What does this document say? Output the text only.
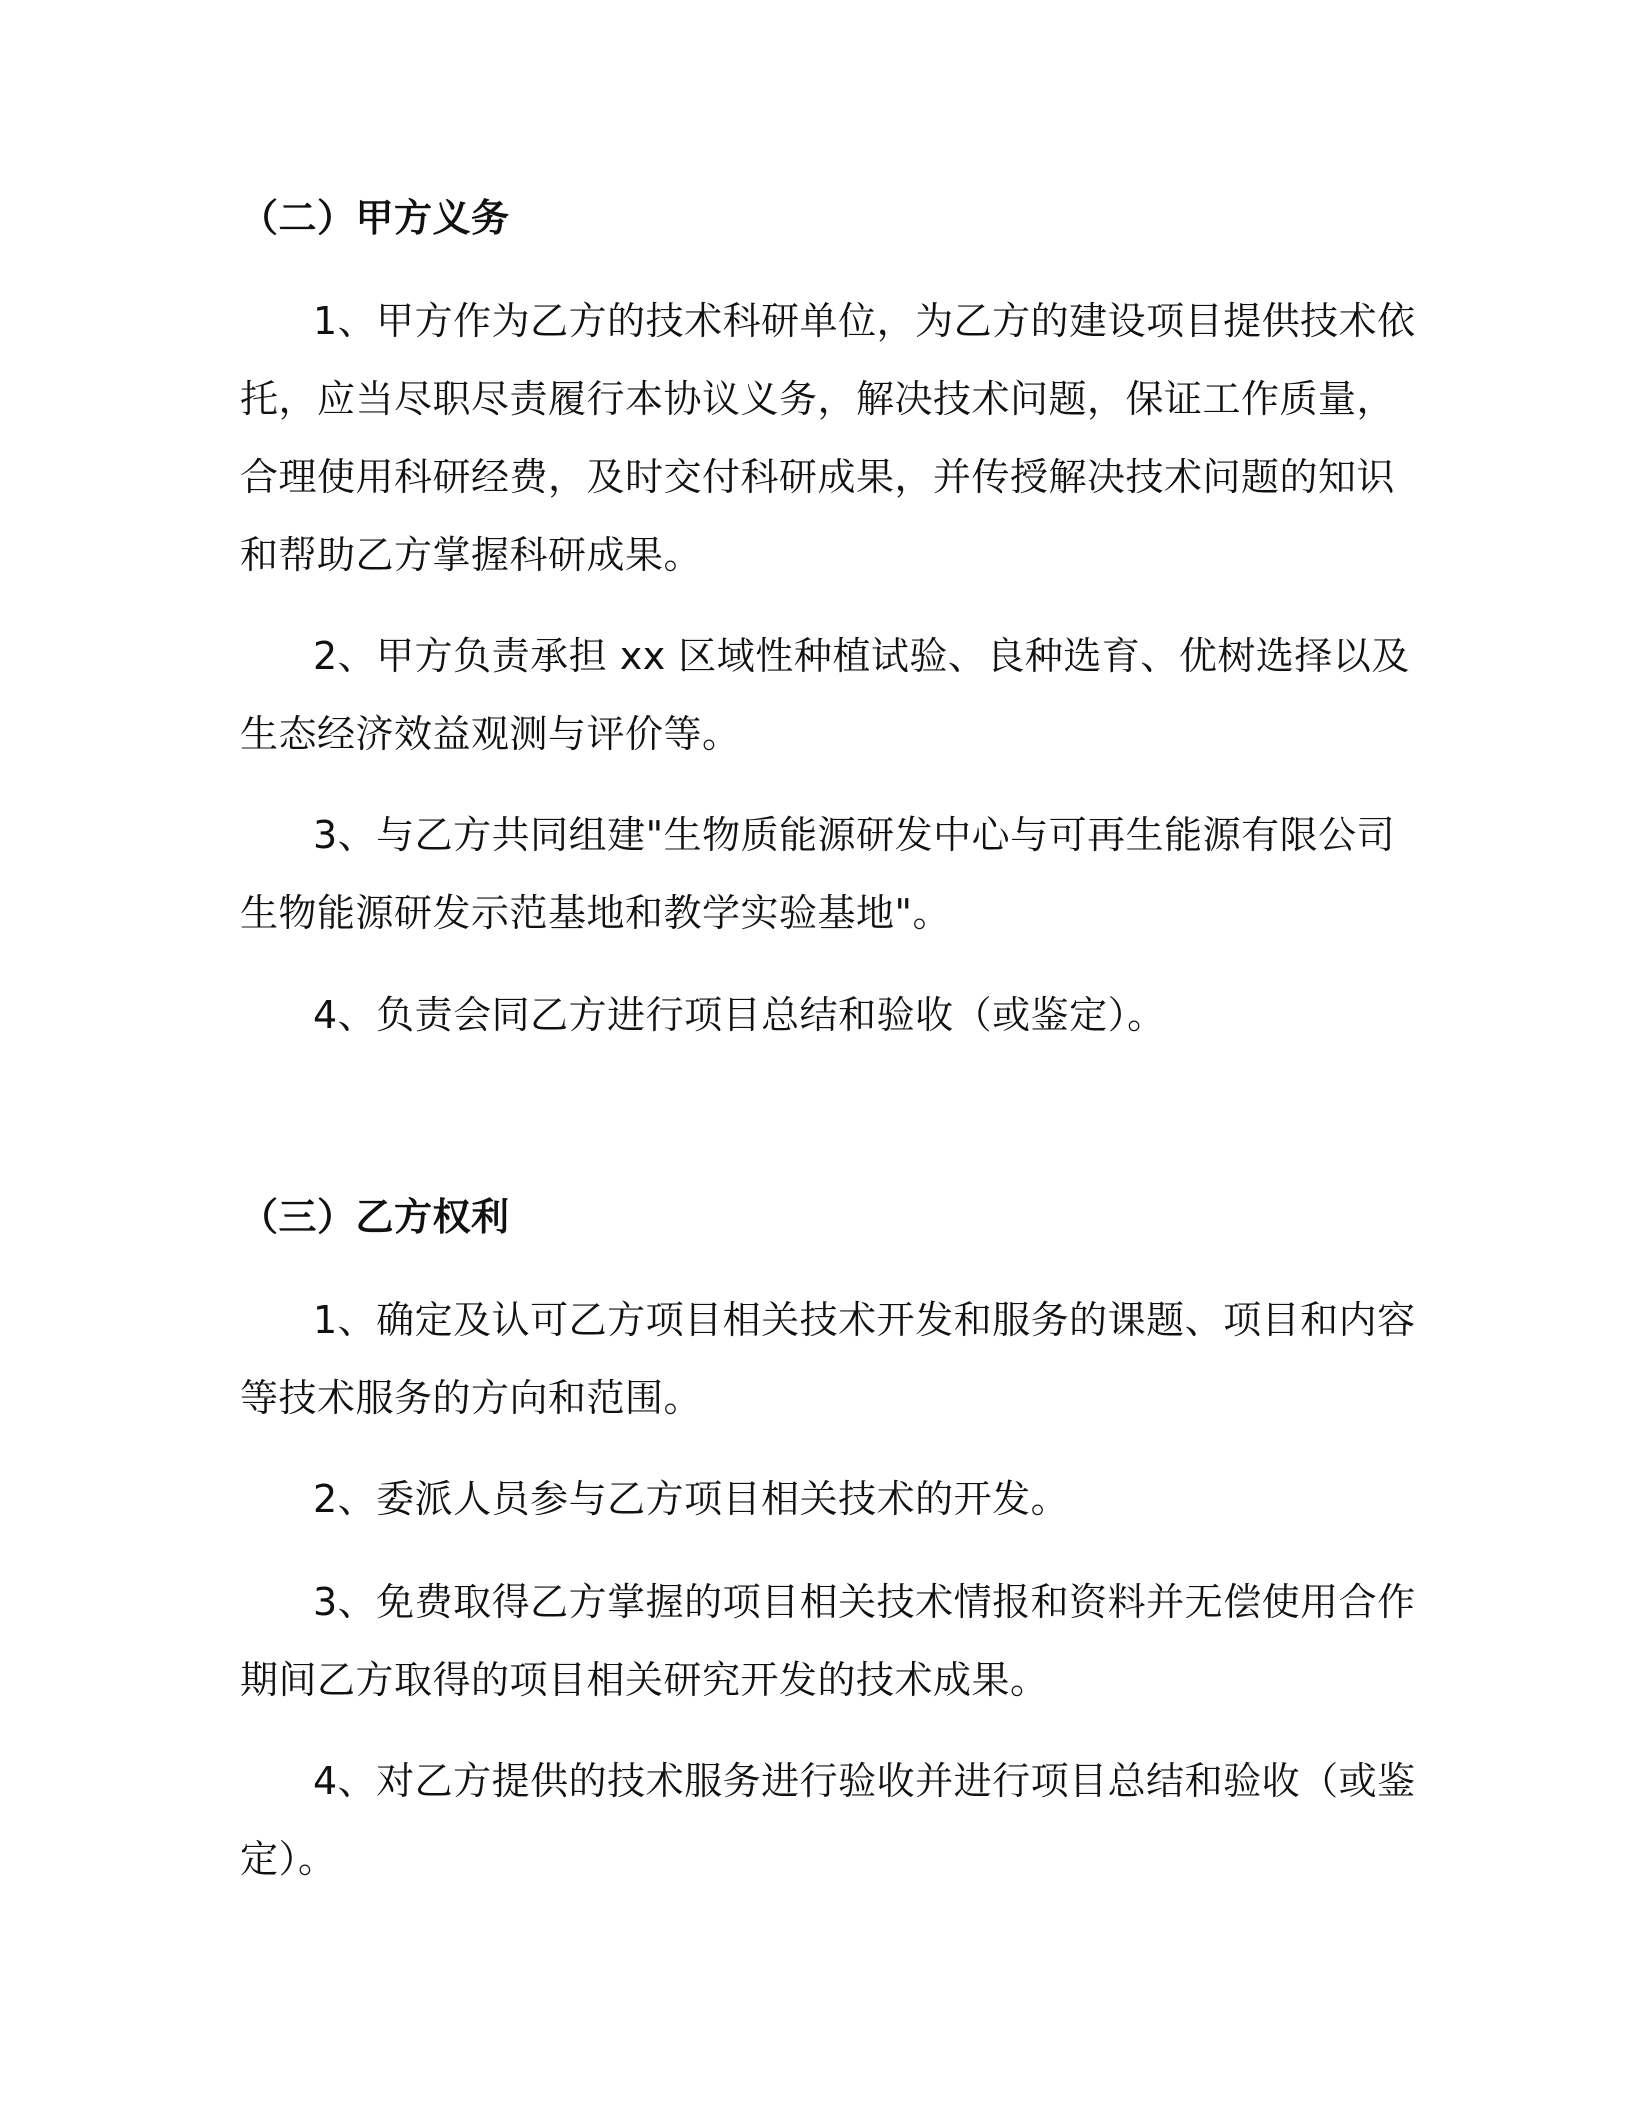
（二）甲方义务
1、甲方作为乙方的技术科研单位，为乙方的建设项目提供技术依
托，应当尽职尽责履行本协议义务，解决技术问题，保证工作质量，
合理使用科研经费，及时交付科研成果，并传授解决技术问题的知识
和帮助乙方掌握科研成果。
2、甲方负责承担 xx 区域性种植试验、良种选育、优树选择以及
生态经济效益观测与评价等。
3、与乙方共同组建"生物质能源研发中心与可再生能源有限公司
生物能源研发示范基地和教学实验基地"。
4、负责会同乙方进行项目总结和验收（或鉴定）。
（三）乙方权利
1、确定及认可乙方项目相关技术开发和服务的课题、项目和内容
等技术服务的方向和范围。
2、委派人员参与乙方项目相关技术的开发。
3、免费取得乙方掌握的项目相关技术情报和资料并无偿使用合作
期间乙方取得的项目相关研究开发的技术成果。
4、对乙方提供的技术服务进行验收并进行项目总结和验收（或鉴
定）。
